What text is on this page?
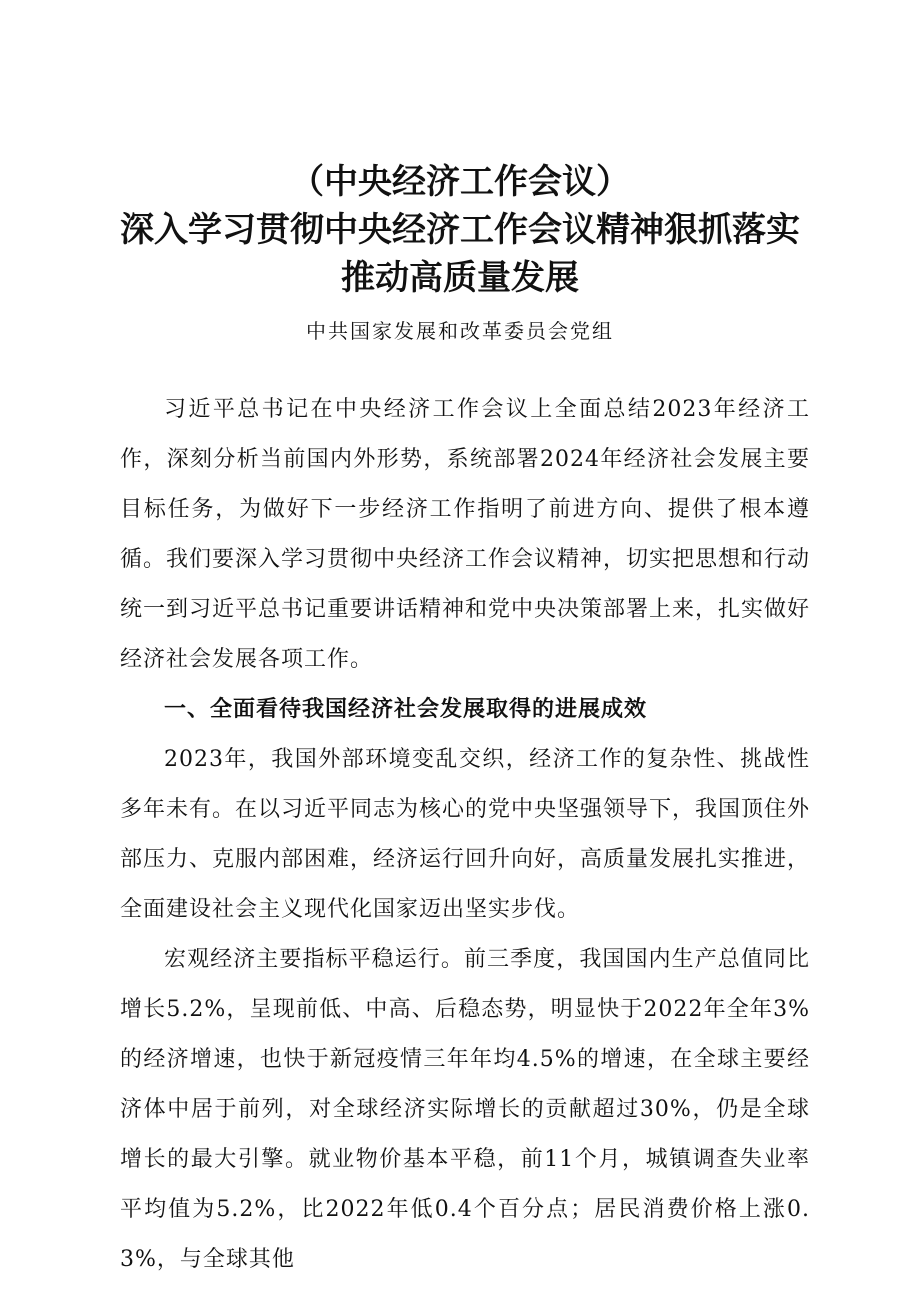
（中央经济工作会议）
深入学习贯彻中央经济工作会议精神狠抓落实
推动高质量发展
中共国家发展和改革委员会党组

习近平总书记在中央经济工作会议上全面总结2023年经济工作，深刻分析当前国内外形势，系统部署2024年经济社会发展主要目标任务，为做好下一步经济工作指明了前进方向、提供了根本遵循。我们要深入学习贯彻中央经济工作会议精神，切实把思想和行动统一到习近平总书记重要讲话精神和党中央决策部署上来，扎实做好经济社会发展各项工作。

一、全面看待我国经济社会发展取得的进展成效

2023年，我国外部环境变乱交织，经济工作的复杂性、挑战性多年未有。在以习近平同志为核心的党中央坚强领导下，我国顶住外部压力、克服内部困难，经济运行回升向好，高质量发展扎实推进，全面建设社会主义现代化国家迈出坚实步伐。

宏观经济主要指标平稳运行。前三季度，我国国内生产总值同比增长5.2%，呈现前低、中高、后稳态势，明显快于2022年全年3%的经济增速，也快于新冠疫情三年年均4.5%的增速，在全球主要经济体中居于前列，对全球经济实际增长的贡献超过30%，仍是全球增长的最大引擎。就业物价基本平稳，前11个月，城镇调查失业率平均值为5.2%，比2022年低0.4个百分点；居民消费价格上涨0.3%，与全球其他
